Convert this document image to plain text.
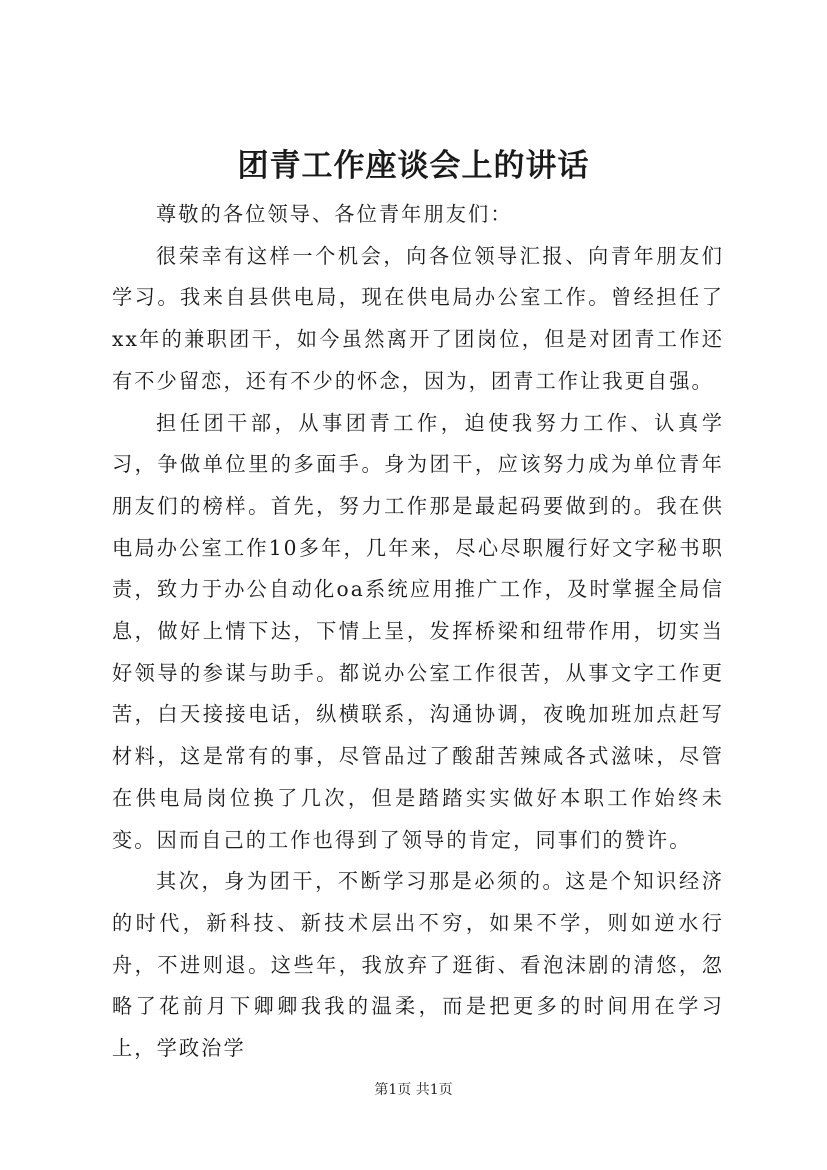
团青工作座谈会上的讲话

尊敬的各位领导、各位青年朋友们：

很荣幸有这样一个机会，向各位领导汇报、向青年朋友们学习。我来自县供电局，现在供电局办公室工作。曾经担任了xx年的兼职团干，如今虽然离开了团岗位，但是对团青工作还有不少留恋，还有不少的怀念，因为，团青工作让我更自强。

担任团干部，从事团青工作，迫使我努力工作、认真学习，争做单位里的多面手。身为团干，应该努力成为单位青年朋友们的榜样。首先，努力工作那是最起码要做到的。我在供电局办公室工作10多年，几年来，尽心尽职履行好文字秘书职责，致力于办公自动化oa系统应用推广工作，及时掌握全局信息，做好上情下达，下情上呈，发挥桥梁和纽带作用，切实当好领导的参谋与助手。都说办公室工作很苦，从事文字工作更苦，白天接接电话，纵横联系，沟通协调，夜晚加班加点赶写材料，这是常有的事，尽管品过了酸甜苦辣咸各式滋味，尽管在供电局岗位换了几次，但是踏踏实实做好本职工作始终未变。因而自己的工作也得到了领导的肯定，同事们的赞许。

其次，身为团干，不断学习那是必须的。这是个知识经济的时代，新科技、新技术层出不穷，如果不学，则如逆水行舟，不进则退。这些年，我放弃了逛街、看泡沫剧的清悠，忽略了花前月下卿卿我我的温柔，而是把更多的时间用在学习上，学政治学

第1页 共1页
